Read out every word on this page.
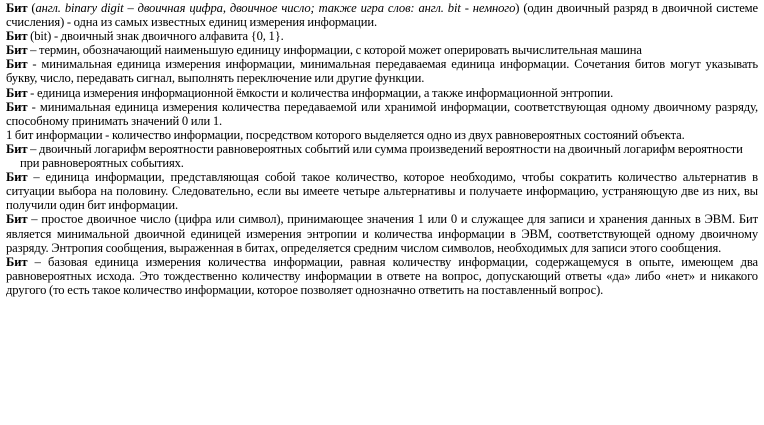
Бит (англ. binary digit – двоичная цифра, двоичное число; также игра слов: англ. bit - немного) (один двоичный разряд в двоичной системе счисления) - одна из самых известных единиц измерения информации.

Бит (bit) - двоичный знак двоичного алфавита {0, 1}.

Бит – термин, обозначающий наименьшую единицу информации, с которой может оперировать вычислительная машина

Бит - минимальная единица измерения информации, минимальная передаваемая единица информации. Сочетания битов могут указывать букву, число, передавать сигнал, выполнять переключение или другие функции.

Бит - единица измерения информационной ёмкости и количества информации, а также информационной энтропии.

Бит - минимальная единица измерения количества передаваемой или хранимой информации, соответствующая одному двоичному разряду, способному принимать значений 0 или 1.

1 бит информации - количество информации, посредством которого выделяется одно из двух равновероятных состояний объекта.

Бит – двоичный логарифм вероятности равновероятных событий или сумма произведений вероятности на двоичный логарифм вероятности при равновероятных событиях.

Бит – единица информации, представляющая собой такое количество, которое необходимо, чтобы сократить количество альтернатив в ситуации выбора на половину. Следовательно, если вы имеете четыре альтернативы и получаете информацию, устраняющую две из них, вы получили один бит информации.

Бит – простое двоичное число (цифра или символ), принимающее значения 1 или 0 и служащее для записи и хранения данных в ЭВМ. Бит является минимальной двоичной единицей измерения энтропии и количества информации в ЭВМ, соответствующей одному двоичному разряду. Энтропия сообщения, выраженная в битах, определяется средним числом символов, необходимых для записи этого сообщения.

Бит – базовая единица измерения количества информации, равная количеству информации, содержащемуся в опыте, имеющем два равновероятных исхода. Это тождественно количеству информации в ответе на вопрос, допускающий ответы «да» либо «нет» и никакого другого (то есть такое количество информации, которое позволяет однозначно ответить на поставленный вопрос).
